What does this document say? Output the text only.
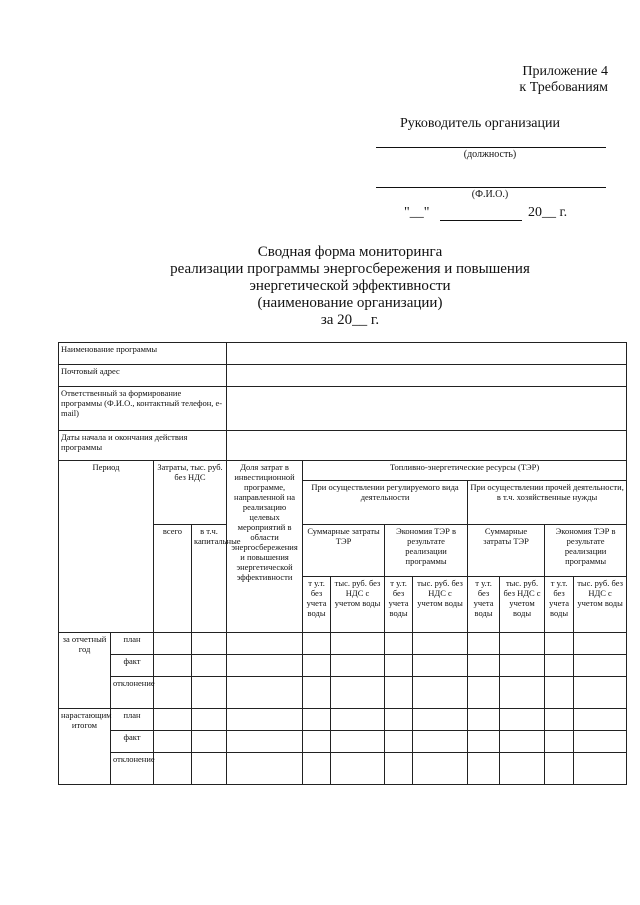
Приложение 4
к Требованиям
Руководитель организации
(должность)
(Ф.И.О.)
"__"	20__ г.
Сводная форма мониторинга
реализации программы энергосбережения и повышения
энергетической эффективности
(наименование организации)
за 20__ г.
Наименование программы												
Почтовый адрес												
Ответственный за формирование программы (Ф.И.О., контактный телефон, e-mail)												
Даты начала и окончания действия программы												
Период		Затраты, тыс. руб. без НДС		Доля затрат в инвестиционной программе, направленной на реализацию целевых мероприятий в области энергосбережения и повышения энергетической эффективности	Топливно-энергетические ресурсы (ТЭР)							
					При осуществлении регулируемого вида деятельности				При осуществлении прочей деятельности, в т.ч. хозяйственные нужды			
		всего	в т.ч. капитальные		Суммарные затраты ТЭР		Экономия ТЭР в результате реализации программы		Суммарные затраты ТЭР		Экономия ТЭР в результате реализации программы	
					т у.т. без учета воды	тыс. руб. без НДС с учетом воды	т у.т. без учета воды	тыс. руб. без НДС с учетом воды	т у.т. без учета воды	тыс. руб. без НДС с учетом воды	т у.т. без учета воды	тыс. руб. без НДС с учетом воды
за отчетный год	план											
	факт											
	отклонение											
нарастающим итогом	план											
	факт											
	отклонение											
